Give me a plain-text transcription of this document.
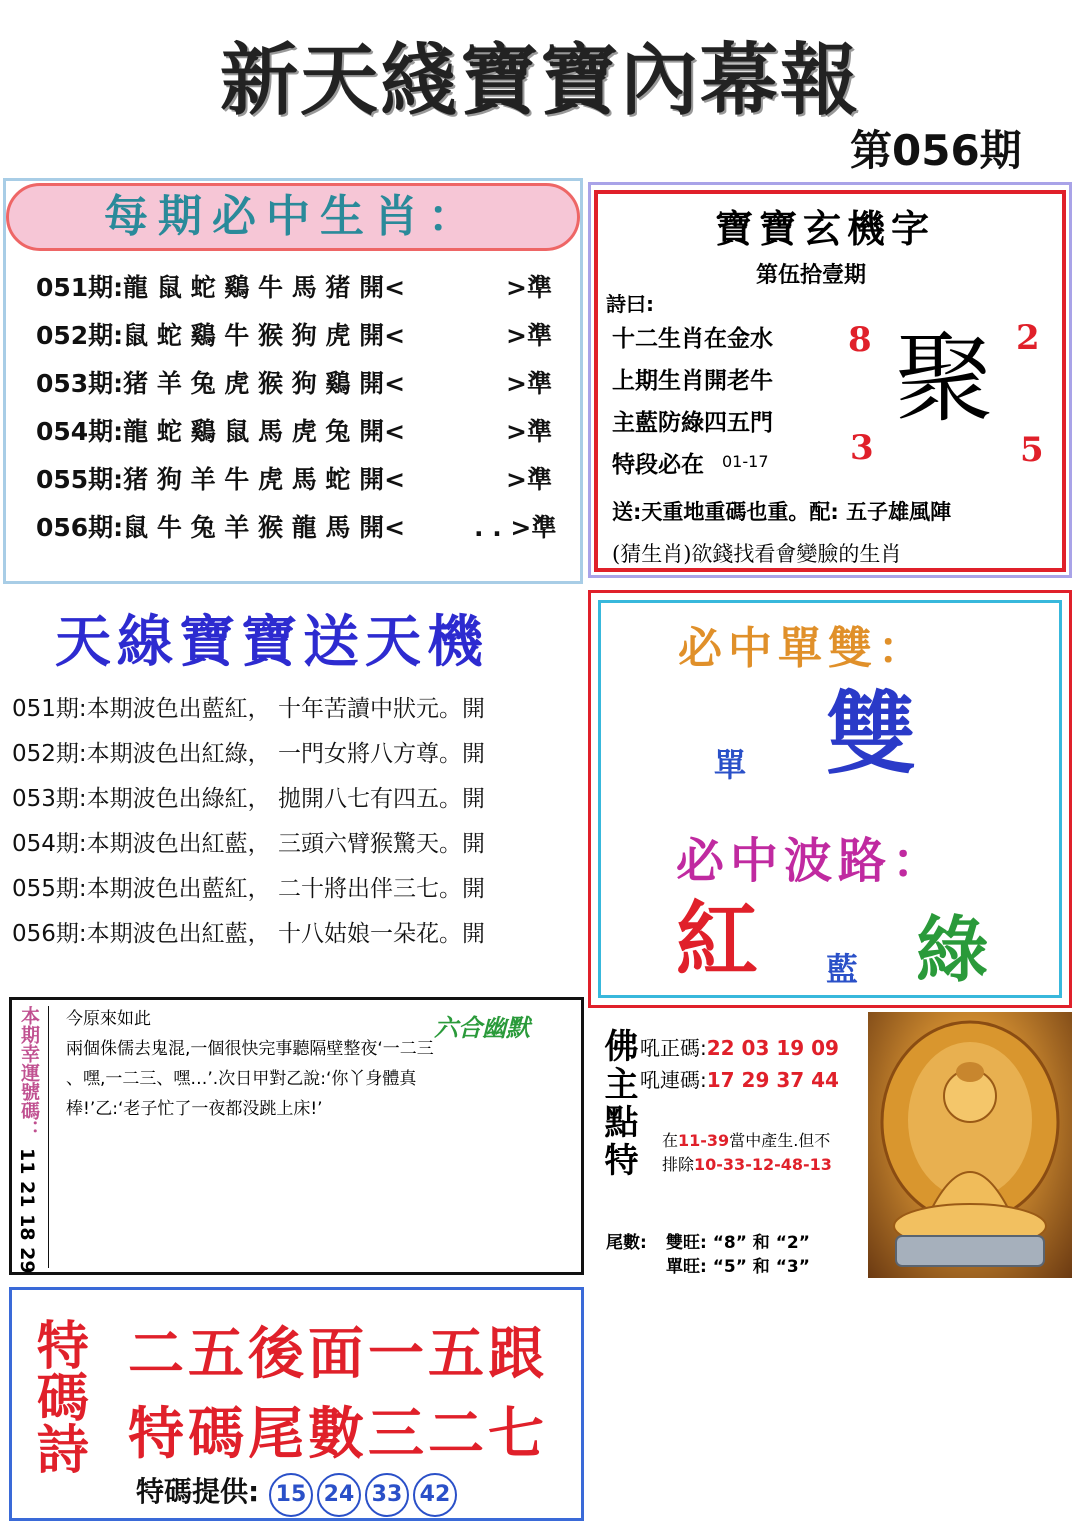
新天綫寶寶內幕報
第056期
每期必中生肖：
051期:龍 鼠 蛇 鷄 牛 馬 猪 開<	>準
052期:鼠 蛇 鷄 牛 猴 狗 虎 開<	>準
053期:猪 羊 兔 虎 猴 狗 鷄 開<	>準
054期:龍 蛇 鷄 鼠 馬 虎 兔 開<	>準
055期:猪 狗 羊 牛 虎 馬 蛇 開<	>準
056期:鼠 牛 兔 羊 猴 龍 馬 開<	. . >準
寶寶玄機字
第伍拾壹期
詩曰:
十二生肖在金水
上期生肖開老牛
主藍防綠四五門
特段必在 01-17
聚
8	2
3	5
送:天重地重碼也重。配: 五子雄風陣
(猜生肖)欲錢找看會變臉的生肖
天線寶寶送天機
051期:本期波色出藍紅， 十年苦讀中狀元。開
052期:本期波色出紅綠， 一門女將八方尊。開
053期:本期波色出綠紅， 拋開八七有四五。開
054期:本期波色出紅藍， 三頭六臂猴驚天。開
055期:本期波色出藍紅， 二十將出伴三七。開
056期:本期波色出紅藍， 十八姑娘一朵花。開
必中單雙：
單 雙
必中波路：
紅 藍 綠
本期幸運號碼：
11 21 18 29
六合幽默
今原來如此
兩個侏儒去鬼混,一個很快完事聽隔壁整夜‘一二三
、嘿,一二三、嘿…’.次日甲對乙說:‘你丫身體真
棒!’乙:‘老子忙了一夜都没跳上床!’	佛主點特 吼正碼:22 03 19 09
吼連碼:17 29 37 44
在11-39當中產生.但不
排除10-33-12-48-13
尾數: 雙旺: “8” 和 “2”
單旺: “5” 和 “3”
特碼詩 二五後面一五跟
特碼尾數三二七
特碼提供: 15 24 33 42
